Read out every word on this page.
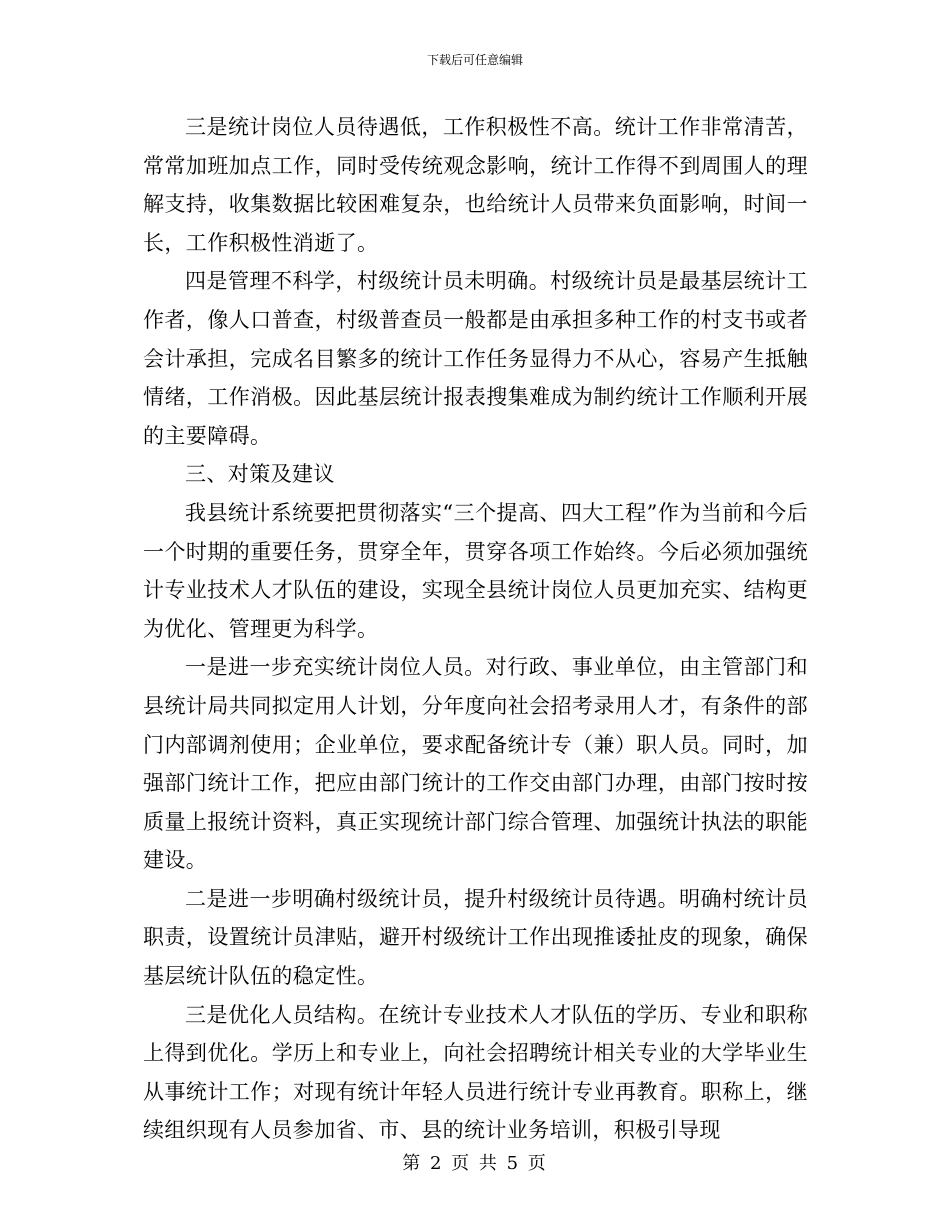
下载后可任意编辑

三是统计岗位人员待遇低，工作积极性不高。统计工作非常清苦，常常加班加点工作，同时受传统观念影响，统计工作得不到周围人的理解支持，收集数据比较困难复杂，也给统计人员带来负面影响，时间一长，工作积极性消逝了。

四是管理不科学，村级统计员未明确。村级统计员是最基层统计工作者，像人口普查，村级普查员一般都是由承担多种工作的村支书或者会计承担，完成名目繁多的统计工作任务显得力不从心，容易产生抵触情绪，工作消极。因此基层统计报表搜集难成为制约统计工作顺利开展的主要障碍。

三、对策及建议

我县统计系统要把贯彻落实“三个提高、四大工程”作为当前和今后一个时期的重要任务，贯穿全年，贯穿各项工作始终。今后必须加强统计专业技术人才队伍的建设，实现全县统计岗位人员更加充实、结构更为优化、管理更为科学。

一是进一步充实统计岗位人员。对行政、事业单位，由主管部门和县统计局共同拟定用人计划，分年度向社会招考录用人才，有条件的部门内部调剂使用；企业单位，要求配备统计专（兼）职人员。同时，加强部门统计工作，把应由部门统计的工作交由部门办理，由部门按时按质量上报统计资料，真正实现统计部门综合管理、加强统计执法的职能建设。

二是进一步明确村级统计员，提升村级统计员待遇。明确村统计员职责，设置统计员津贴，避开村级统计工作出现推诿扯皮的现象，确保基层统计队伍的稳定性。

三是优化人员结构。在统计专业技术人才队伍的学历、专业和职称上得到优化。学历上和专业上，向社会招聘统计相关专业的大学毕业生从事统计工作；对现有统计年轻人员进行统计专业再教育。职称上，继续组织现有人员参加省、市、县的统计业务培训，积极引导现

第 2 页 共 5 页
